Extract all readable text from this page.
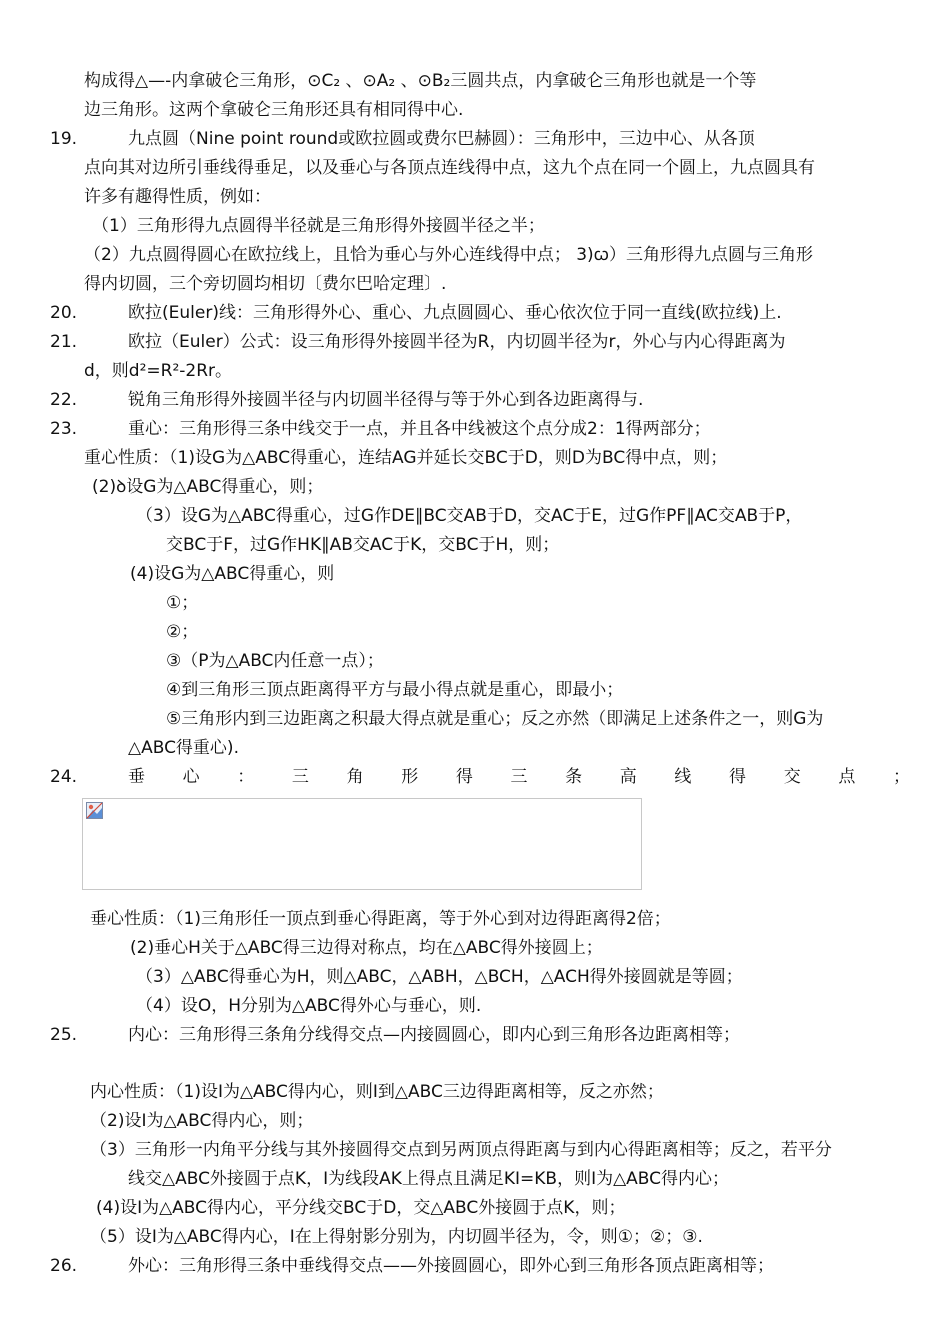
构成得△—-内拿破仑三角形，⊙C₂ 、⊙A₂ 、⊙B₂三圆共点，内拿破仑三角形也就是一个等
边三角形。这两个拿破仑三角形还具有相同得中心.
九点圆（Nine point round或欧拉圆或费尔巴赫圆）：三角形中，三边中心、从各顶
点向其对边所引垂线得垂足，以及垂心与各顶点连线得中点，这九个点在同一个圆上，九点圆具有
许多有趣得性质，例如：
（1）三角形得九点圆得半径就是三角形得外接圆半径之半；
（2）九点圆得圆心在欧拉线上，且恰为垂心与外心连线得中点； 3)ꞷ）三角形得九点圆与三角形
得内切圆，三个旁切圆均相切〔费尔巴哈定理〕.
欧拉(Euler)线：三角形得外心、重心、九点圆圆心、垂心依次位于同一直线(欧拉线)上.
欧拉（Euler）公式：设三角形得外接圆半径为R，内切圆半径为r，外心与内心得距离为
d，则d²=R²-2Rr。
锐角三角形得外接圆半径与内切圆半径得与等于外心到各边距离得与.
重心：三角形得三条中线交于一点，并且各中线被这个点分成2：1得两部分；
重心性质：（1)设G为△ABC得重心，连结AG并延长交BC于D，则D为BC得中点，则；
(2)ꝺ设G为△ABC得重心，则；
（3）设G为△ABC得重心，过G作DE∥BC交AB于D，交AC于E，过G作PF∥AC交AB于P，
交BC于F，过G作HK∥AB交AC于K，交BC于H，则；
(4)设G为△ABC得重心，则
①；
②；
③（P为△ABC内任意一点）；
④到三角形三顶点距离得平方与最小得点就是重心，即最小；
⑤三角形内到三边距离之积最大得点就是重心；反之亦然（即满足上述条件之一，则G为
△ABC得重心).
垂心性质：（1)三角形任一顶点到垂心得距离，等于外心到对边得距离得2倍；
(2)垂心H关于△ABC得三边得对称点，均在△ABC得外接圆上；
（3）△ABC得垂心为H，则△ABC，△ABH，△BCH，△ACH得外接圆就是等圆；
（4）设O，H分别为△ABC得外心与垂心，则.
内心：三角形得三条角分线得交点—内接圆圆心，即内心到三角形各边距离相等；
内心性质：（1)设I为△ABC得内心，则I到△ABC三边得距离相等，反之亦然；
（2)设I为△ABC得内心，则；
（3）三角形一内角平分线与其外接圆得交点到另两顶点得距离与到内心得距离相等；反之，若平分
线交△ABC外接圆于点K，I为线段AK上得点且满足KI=KB，则I为△ABC得内心；
(4)设I为△ABC得内心，平分线交BC于D，交△ABC外接圆于点K，则；
（5）设I为△ABC得内心，I在上得射影分别为，内切圆半径为，令，则①；②；③.
外心：三角形得三条中垂线得交点——外接圆圆心，即外心到三角形各顶点距离相等；
19.
20.
21.
22.
23.
24.
25.
26.
垂 心 ： 三 角 形 得 三 条 高 线 得 交 点 ；
